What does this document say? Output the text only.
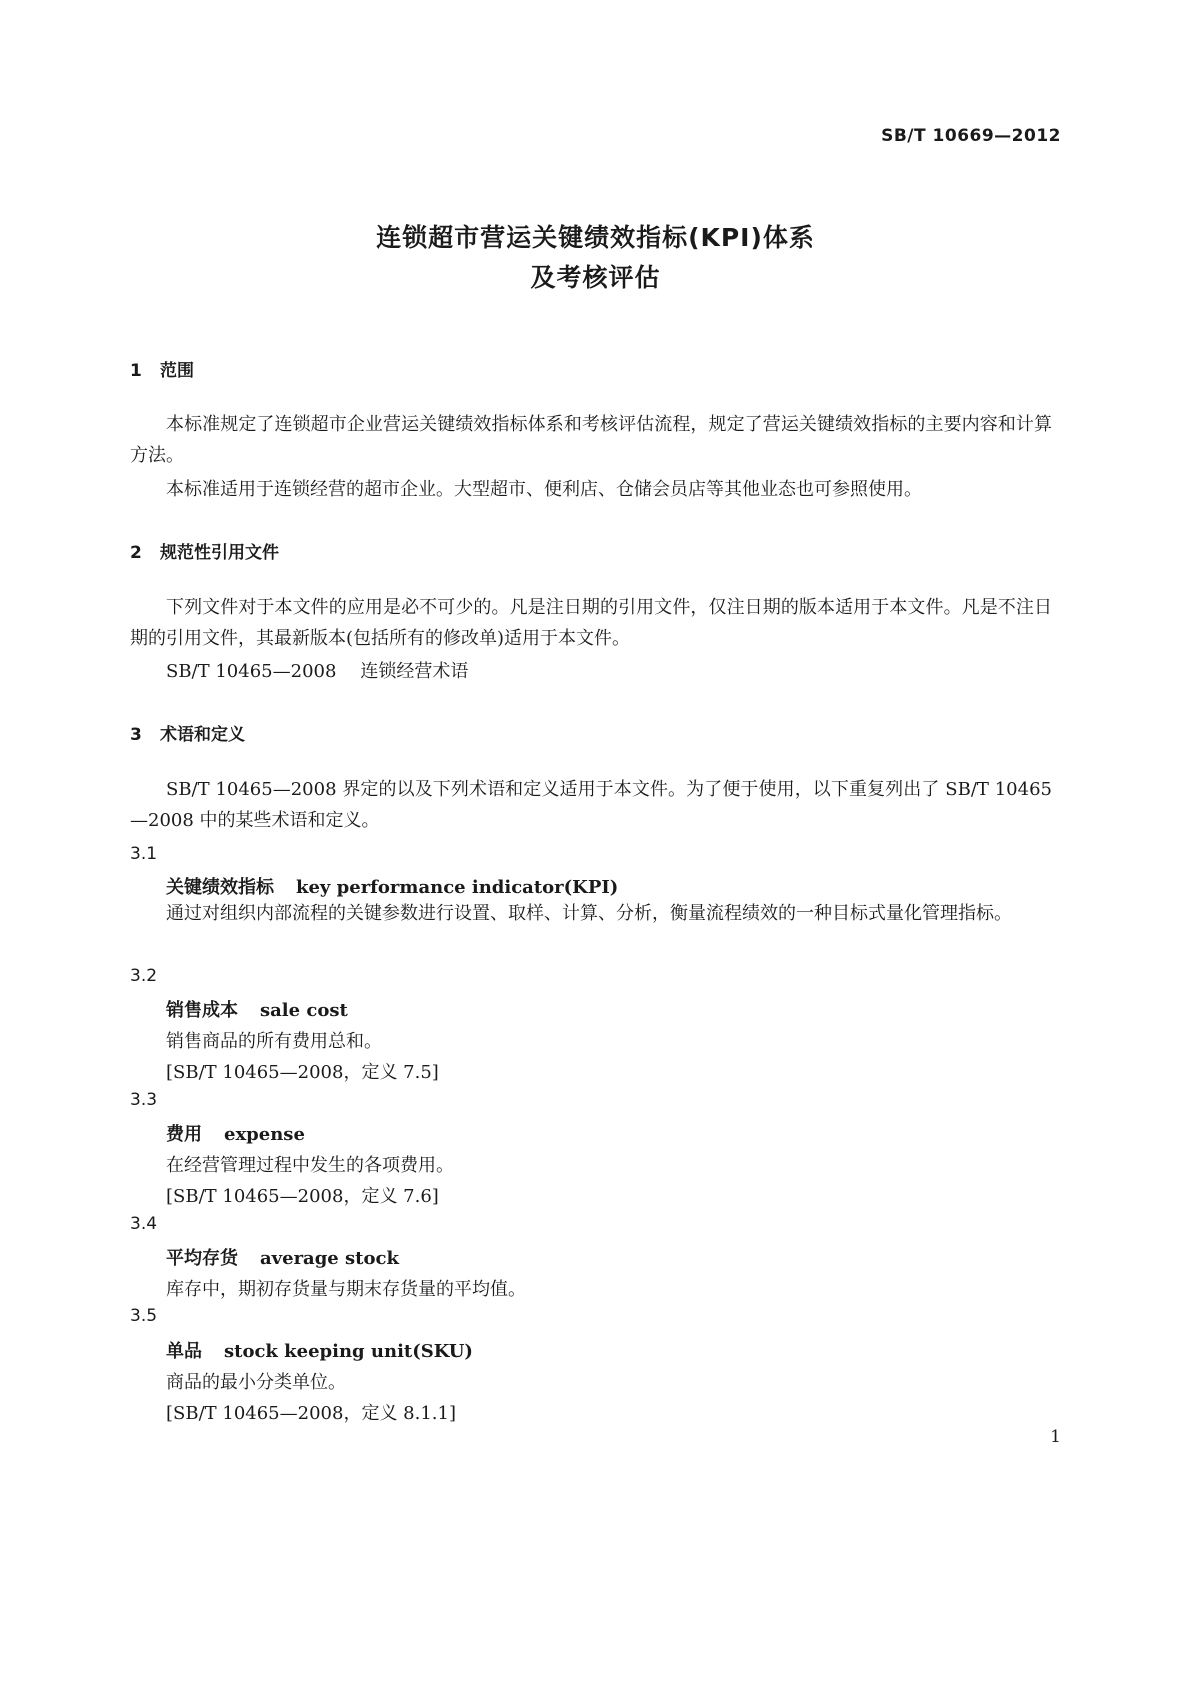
SB/T 10669—2012
连锁超市营运关键绩效指标(KPI)体系
及考核评估
1 范围
本标准规定了连锁超市企业营运关键绩效指标体系和考核评估流程，规定了营运关键绩效指标的主要内容和计算方法。
本标准适用于连锁经营的超市企业。大型超市、便利店、仓储会员店等其他业态也可参照使用。
2 规范性引用文件
下列文件对于本文件的应用是必不可少的。凡是注日期的引用文件，仅注日期的版本适用于本文件。凡是不注日期的引用文件，其最新版本(包括所有的修改单)适用于本文件。
SB/T 10465—2008 连锁经营术语
3 术语和定义
SB/T 10465—2008 界定的以及下列术语和定义适用于本文件。为了便于使用，以下重复列出了 SB/T 10465—2008 中的某些术语和定义。
3.1
关键绩效指标 key performance indicator(KPI)
通过对组织内部流程的关键参数进行设置、取样、计算、分析，衡量流程绩效的一种目标式量化管理指标。
3.2
销售成本 sale cost
销售商品的所有费用总和。
[SB/T 10465—2008，定义 7.5]
3.3
费用 expense
在经营管理过程中发生的各项费用。
[SB/T 10465—2008，定义 7.6]
3.4
平均存货 average stock
库存中，期初存货量与期末存货量的平均值。
3.5
单品 stock keeping unit(SKU)
商品的最小分类单位。
[SB/T 10465—2008，定义 8.1.1]
1
